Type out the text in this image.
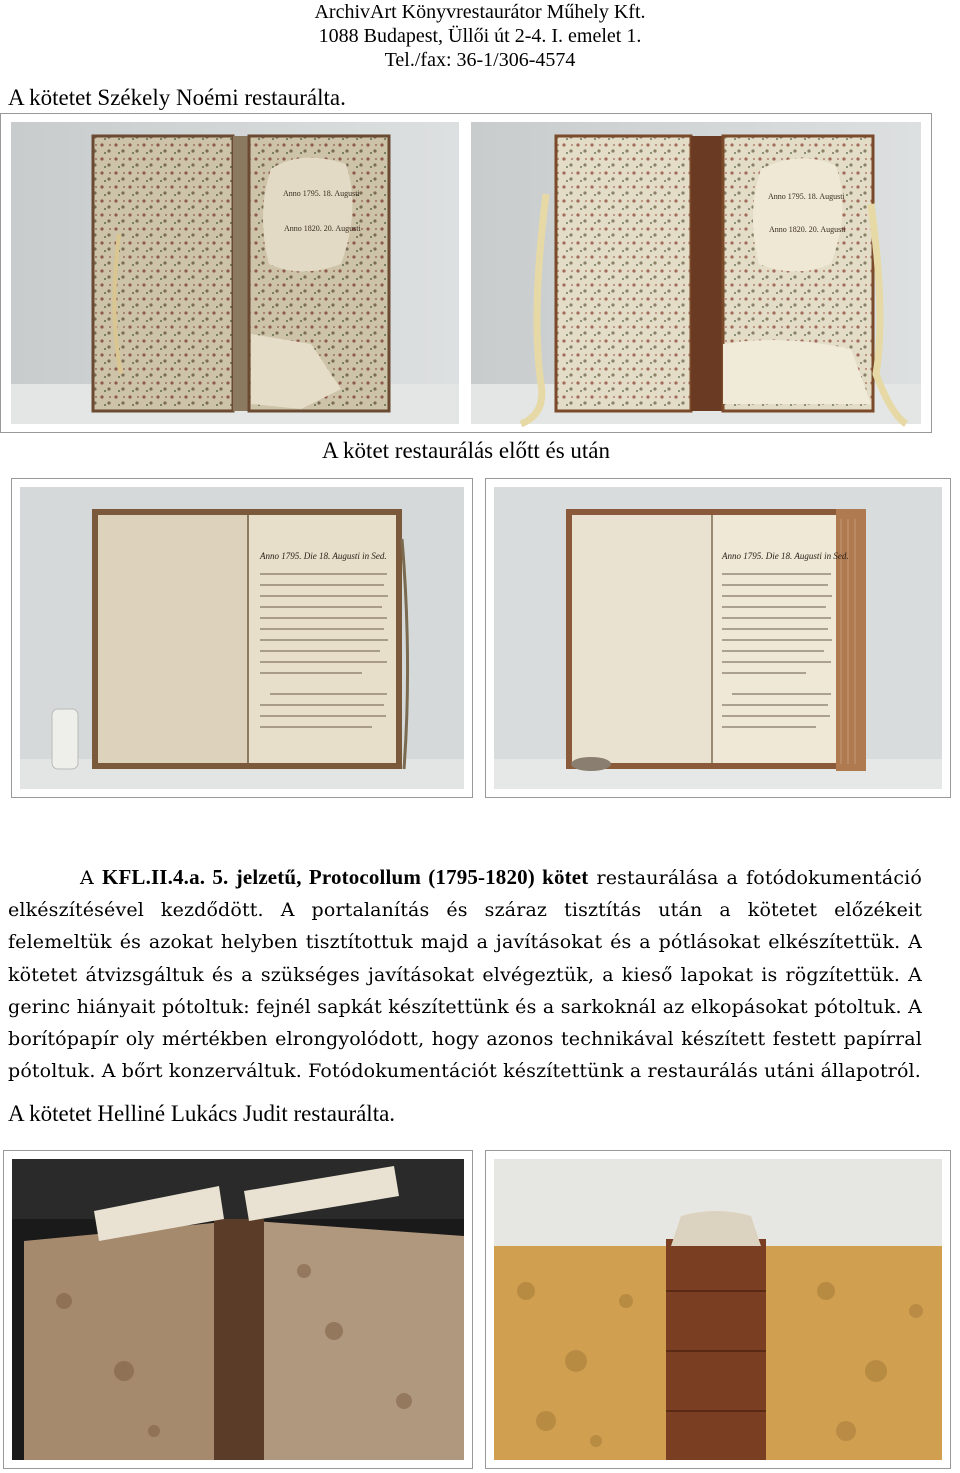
ArchivArt Könyvrestaurátor Műhely Kft.
1088 Budapest, Üllői út 2-4. I. emelet 1.
Tel./fax: 36-1/306-4574
A kötetet Székely Noémi restaurálta.
Anno 1795. 18. Augusti
Anno 1820. 20. Augusti
Anno 1795. 18. Augusti
Anno 1820. 20. Augusti
A kötet restaurálás előtt és után
Anno 1795. Die 18. Augusti in Sed.	Anno 1795. Die 18. Augusti in Sed.
A KFL.II.4.a. 5. jelzetű, Protocollum (1795-1820) kötet restaurálása a fotódokumentáció elkészítésével kezdődött. A portalanítás és száraz tisztítás után a kötetet előzékeit felemeltük és azokat helyben tisztítottuk majd a javításokat és a pótlásokat elkészítettük. A kötetet átvizsgáltuk és a szükséges javításokat elvégeztük, a kieső lapokat is rögzítettük. A gerinc hiányait pótoltuk: fejnél sapkát készítettünk és a sarkoknál az elkopásokat pótoltuk. A borítópapír oly mértékben elrongyolódott, hogy azonos technikával készített festett papírral pótoltuk. A bőrt konzerváltuk. Fotódokumentációt készítettünk a restaurálás utáni állapotról.
A kötetet Helliné Lukács Judit restaurálta.
